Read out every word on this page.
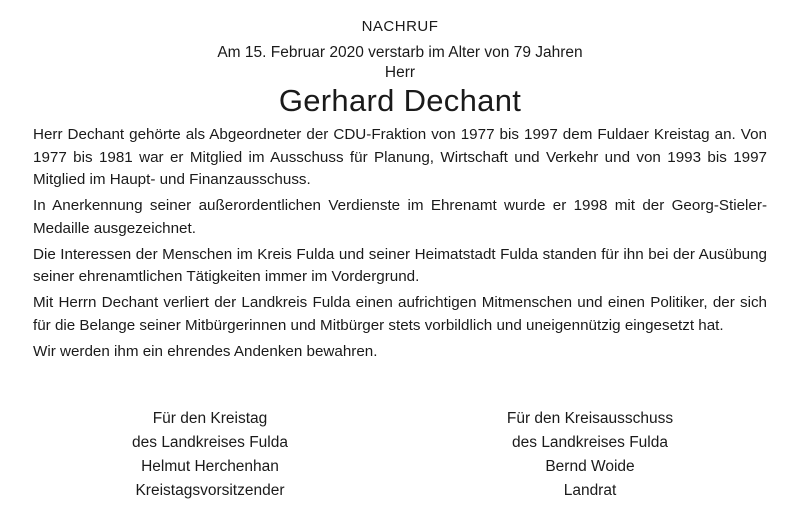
NACHRUF
Am 15. Februar 2020 verstarb im Alter von 79 Jahren
Herr
Gerhard Dechant

Herr Dechant gehörte als Abgeordneter der CDU-Fraktion von 1977 bis 1997 dem Fuldaer Kreistag an. Von 1977 bis 1981 war er Mitglied im Ausschuss für Planung, Wirtschaft und Verkehr und von 1993 bis 1997 Mitglied im Haupt- und Finanzausschuss.

In Anerkennung seiner außerordentlichen Verdienste im Ehrenamt wurde er 1998 mit der Georg-Stieler-Medaille ausgezeichnet.

Die Interessen der Menschen im Kreis Fulda und seiner Heimatstadt Fulda standen für ihn bei der Ausübung seiner ehrenamtlichen Tätigkeiten immer im Vordergrund.

Mit Herrn Dechant verliert der Landkreis Fulda einen aufrichtigen Mitmenschen und einen Politiker, der sich für die Belange seiner Mitbürgerinnen und Mitbürger stets vorbildlich und uneigennützig eingesetzt hat.

Wir werden ihm ein ehrendes Andenken bewahren.

Für den Kreistag
des Landkreises Fulda
Helmut Herchenhan
Kreistagsvorsitzender
Für den Kreisausschuss
des Landkreises Fulda
Bernd Woide
Landrat
